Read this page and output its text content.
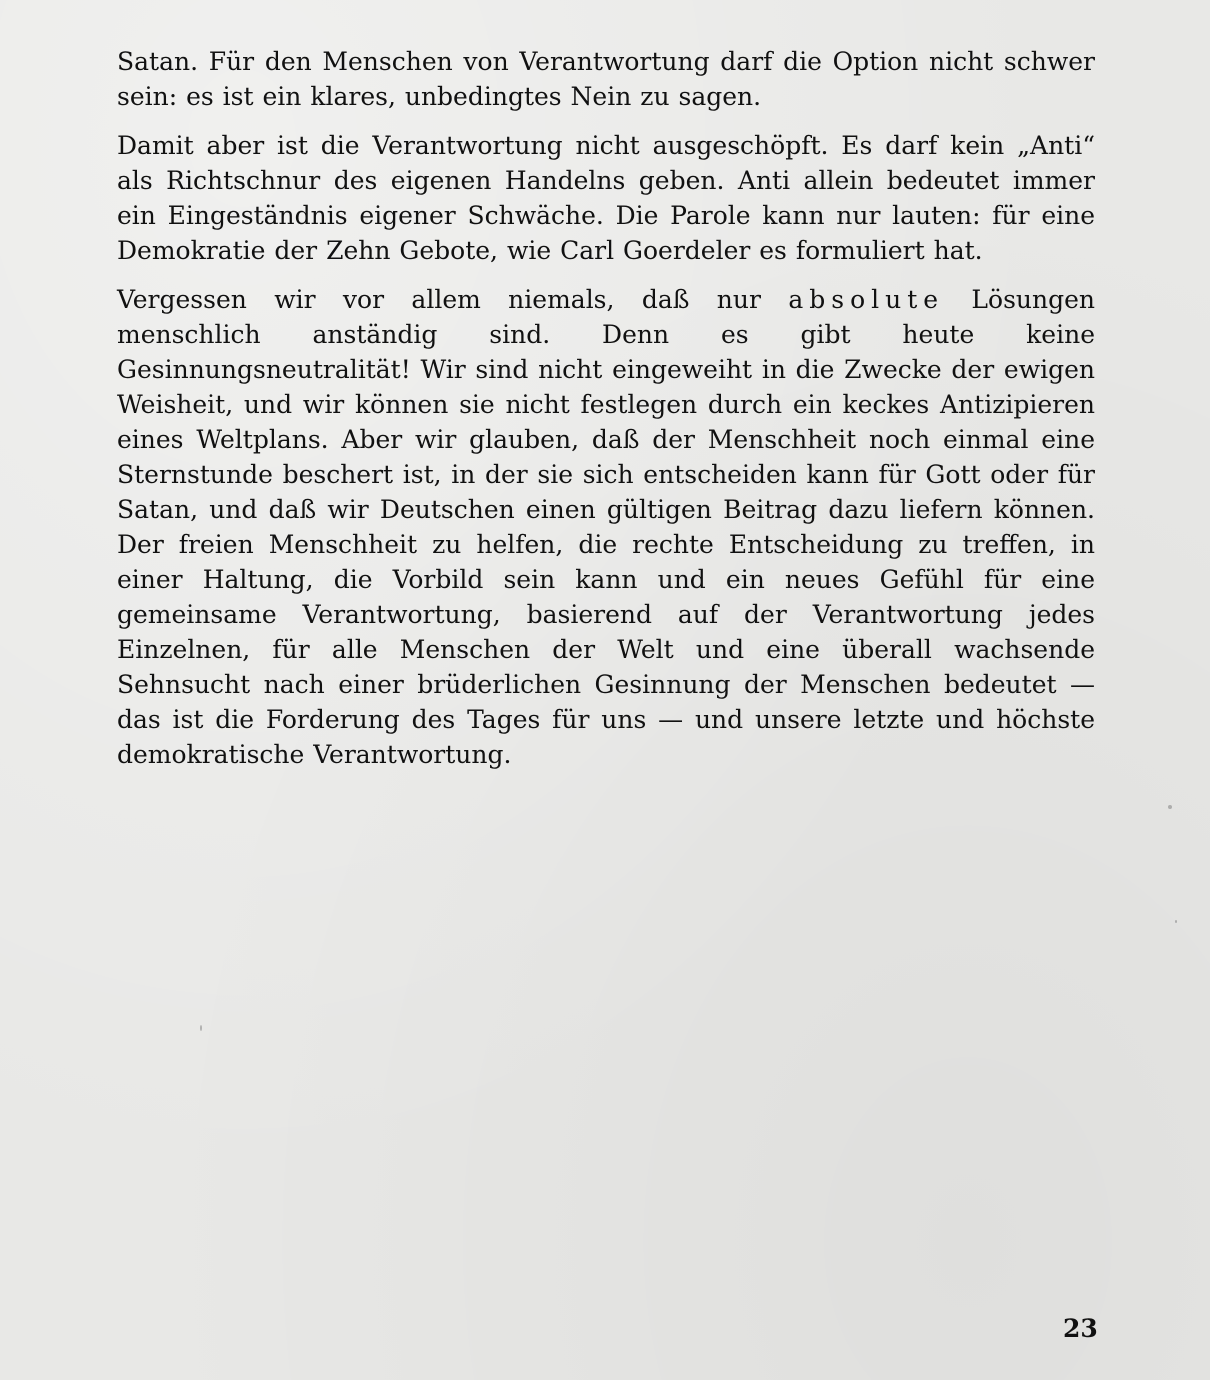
Satan. Für den Menschen von Verantwortung darf die Option nicht schwer sein: es ist ein klares, unbedingtes Nein zu sagen.

Damit aber ist die Verantwortung nicht ausgeschöpft. Es darf kein „Anti“ als Richtschnur des eigenen Handelns geben. Anti allein bedeutet immer ein Eingeständnis eigener Schwäche. Die Parole kann nur lauten: für eine Demokratie der Zehn Gebote, wie Carl Goerdeler es formuliert hat.

Vergessen wir vor allem niemals, daß nur absolute Lösungen menschlich anständig sind. Denn es gibt heute keine Gesinnungsneutralität! Wir sind nicht eingeweiht in die Zwecke der ewigen Weisheit, und wir können sie nicht festlegen durch ein keckes Antizipieren eines Weltplans. Aber wir glauben, daß der Menschheit noch einmal eine Sternstunde beschert ist, in der sie sich entscheiden kann für Gott oder für Satan, und daß wir Deutschen einen gültigen Beitrag dazu liefern können. Der freien Menschheit zu helfen, die rechte Entscheidung zu treffen, in einer Haltung, die Vorbild sein kann und ein neues Gefühl für eine gemeinsame Verantwortung, basierend auf der Verantwortung jedes Einzelnen, für alle Menschen der Welt und eine überall wachsende Sehnsucht nach einer brüderlichen Gesinnung der Menschen bedeutet — das ist die Forderung des Tages für uns — und unsere letzte und höchste demokratische Verantwortung.

23
